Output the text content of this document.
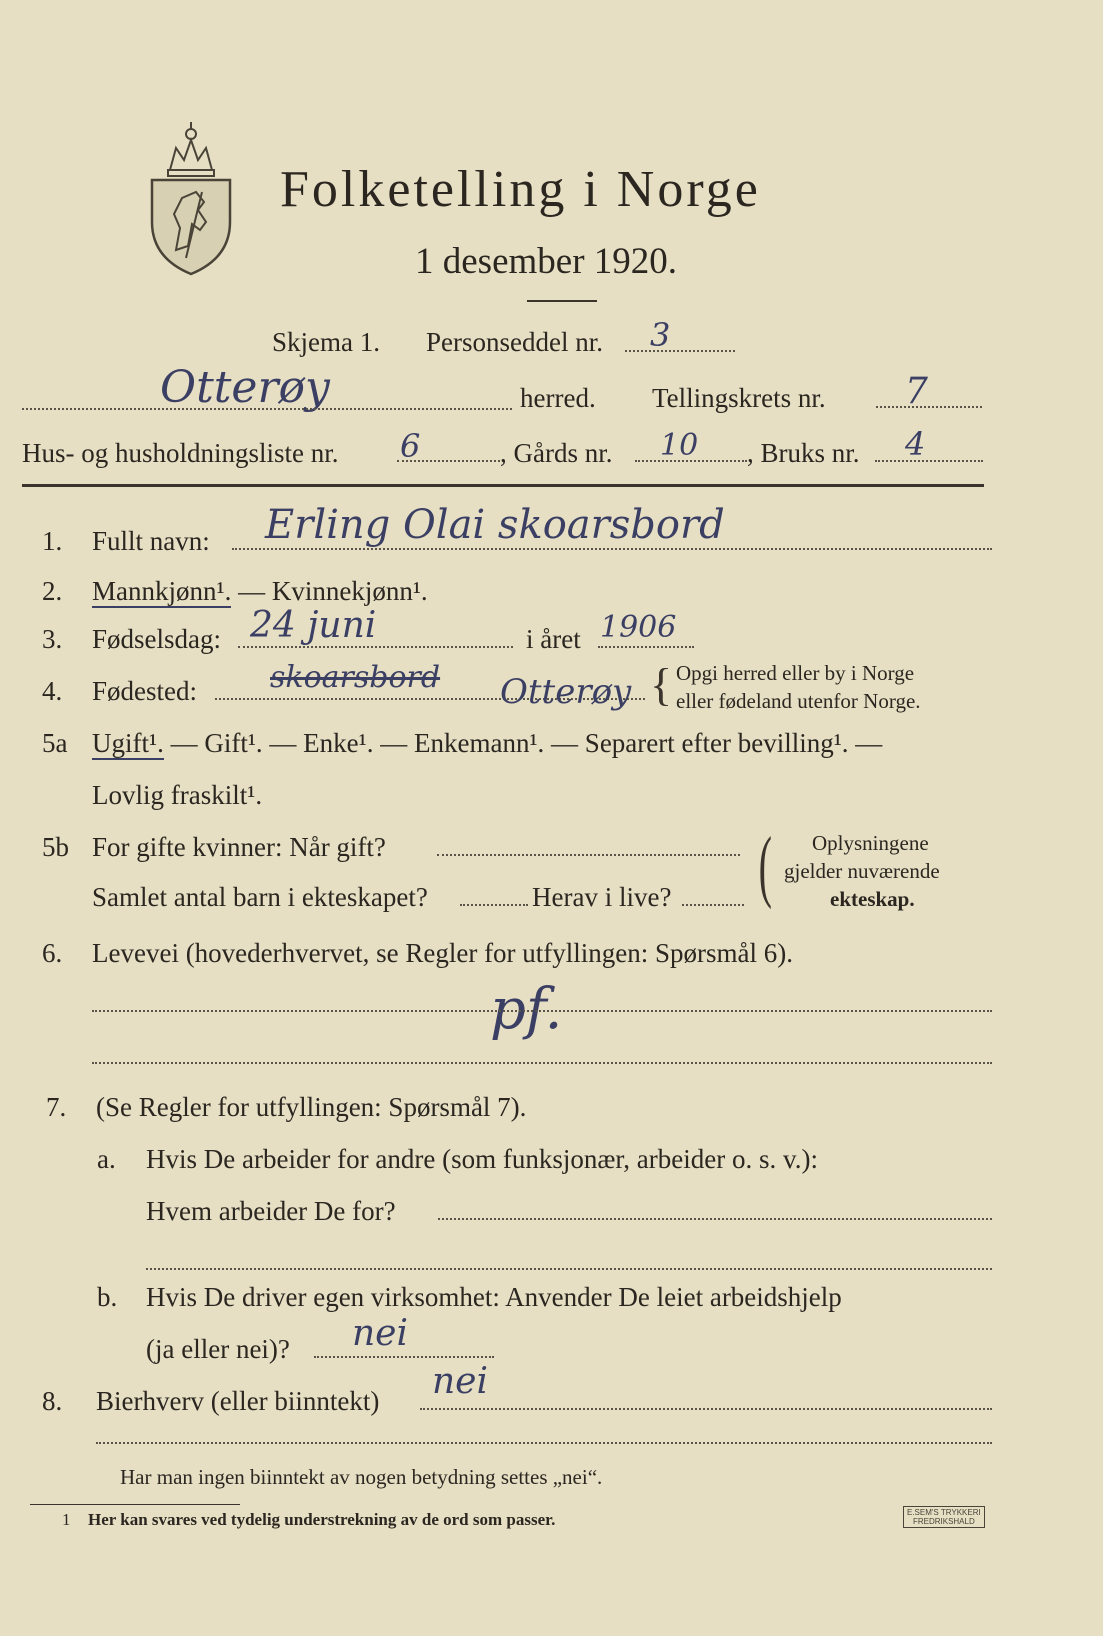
Folketelling i Norge
1 desember 1920.
Skjema 1. Personseddel nr. 3
Otterøy	herred. Tellingskrets nr. 7
Hus- og husholdningsliste nr. 6	, Gårds nr. 10 , Bruks nr. 4
1. Fullt navn: Erling Olai skoarsbord
2. Mannkjønn¹. — Kvinnekjønn¹.
3. Fødselsdag: 24 juni	i året 1906
4. Fødested: skoarsbord Otterøy { Opgi herred eller by i Norge
eller fødeland utenfor Norge.
5a Ugift¹. — Gift¹. — Enke¹. — Enkemann¹. — Separert efter bevilling¹. —
Lovlig fraskilt¹.
5b For gifte kvinner: Når gift?
Samlet antal barn i ekteskapet?	Herav i live? ( Oplysningene
gjelder nuværende
ekteskap.
6. Levevei (hovederhvervet, se Regler for utfyllingen: Spørsmål 6).
pf.
7. (Se Regler for utfyllingen: Spørsmål 7).
a. Hvis De arbeider for andre (som funksjonær, arbeider o. s. v.):
Hvem arbeider De for?
b. Hvis De driver egen virksomhet: Anvender De leiet arbeidshjelp
(ja eller nei)? nei
8. Bierhverv (eller biinntekt) nei
Har man ingen biinntekt av nogen betydning settes „nei“.
1 Her kan svares ved tydelig understrekning av de ord som passer.	E.SEM'S TRYKKERI
FREDRIKSHALD
